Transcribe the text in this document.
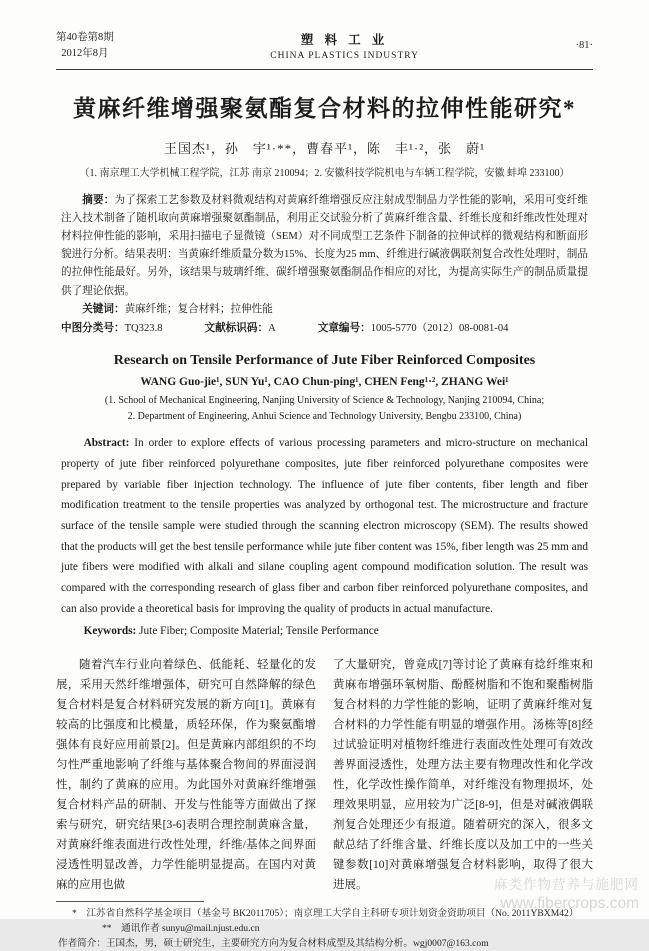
第40卷第8期
2012年8月
塑 料 工 业
CHINA PLASTICS INDUSTRY
·81·
黄麻纤维增强聚氨酯复合材料的拉伸性能研究*
王国杰¹，孙　宇¹·**，曹春平¹，陈　丰¹·²，张　蔚¹
（1. 南京理工大学机械工程学院，江苏 南京 210094；2. 安徽科技学院机电与车辆工程学院，安徽 蚌埠 233100）
摘要：为了探索工艺参数及材料微观结构对黄麻纤维增强反应注射成型制品力学性能的影响，采用可变纤维注入技术制备了随机取向黄麻增强聚氨酯制品，利用正交试验分析了黄麻纤维含量、纤维长度和纤维改性处理对材料拉伸性能的影响，采用扫描电子显微镜（SEM）对不同成型工艺条件下制备的拉伸试样的微观结构和断面形貌进行分析。结果表明：当黄麻纤维质量分数为15%、长度为25 mm、纤维进行碱液偶联剂复合改性处理时，制品的拉伸性能最好。另外，该结果与玻璃纤维、碳纤增强聚氨酯制品作相应的对比，为提高实际生产的制品质量提供了理论依据。
关键词：黄麻纤维；复合材料；拉伸性能
中图分类号：TQ323.8	文献标识码：A	文章编号：1005-5770（2012）08-0081-04
Research on Tensile Performance of Jute Fiber Reinforced Composites
WANG Guo-jie¹, SUN Yu¹, CAO Chun-ping¹, CHEN Feng¹·², ZHANG Wei¹
(1. School of Mechanical Engineering, Nanjing University of Science & Technology, Nanjing 210094, China;
2. Department of Engineering, Anhui Science and Technology University, Bengbu 233100, China)
Abstract: In order to explore effects of various processing parameters and micro-structure on mechanical property of jute fiber reinforced polyurethane composites, jute fiber reinforced polyurethane composites were prepared by variable fiber injection technology. The influence of jute fiber contents, fiber length and fiber modification treatment to the tensile properties was analyzed by orthogonal test. The microstructure and fracture surface of the tensile sample were studied through the scanning electron microscopy (SEM). The results showed that the products will get the best tensile performance while jute fiber content was 15%, fiber length was 25 mm and jute fibers were modified with alkali and silane coupling agent compound modification solution. The result was compared with the corresponding research of glass fiber and carbon fiber reinforced polyurethane composites, and can also provide a theoretical basis for improving the quality of products in actual manufacture.
Keywords: Jute Fiber; Composite Material; Tensile Performance
随着汽车行业向着绿色、低能耗、轻量化的发展，采用天然纤维增强体，研究可自然降解的绿色复合材料是复合材料研究发展的新方向[1]。黄麻有较高的比强度和比模量，质轻环保，作为聚氨酯增强体有良好应用前景[2]。但是黄麻内部组织的不均匀性严重地影响了纤维与基体聚合物间的界面浸润性，制约了黄麻的应用。为此国外对黄麻纤维增强复合材料产品的研制、开发与性能等方面做出了探索与研究，研究结果[3-6]表明合理控制黄麻含量，对黄麻纤维表面进行改性处理，纤维/基体之间界面浸透性明显改善，力学性能明显提高。在国内对黄麻的应用也做
了大量研究，曾竟成[7]等讨论了黄麻有捻纤维束和黄麻布增强环氧树脂、酚醛树脂和不饱和聚酯树脂复合材料的力学性能的影响，证明了黄麻纤维对复合材料的力学性能有明显的增强作用。汤栋等[8]经过试验证明对植物纤维进行表面改性处理可有效改善界面浸透性，处理方法主要有物理改性和化学改性，化学改性操作简单，对纤维没有物理损坏，处理效果明显，应用较为广泛[8-9]，但是对碱液偶联剂复合处理还少有报道。随着研究的深入，很多文献总结了纤维含量、纤维长度以及加工中的一些关键参数[10]对黄麻增强复合材料影响，取得了很大进展。
*　江苏省自然科学基金项目（基金号 BK2011705）；南京理工大学自主科研专项计划资金资助项目（No. 2011YBXM42）
**　通讯作者 sunyu@mail.njust.edu.cn
作者简介：王国杰，男，硕士研究生，主要研究方向为复合材料成型及其结构分析。wgj0007@163.com
麻类作物营养与施肥网
www.fibercrops.com
